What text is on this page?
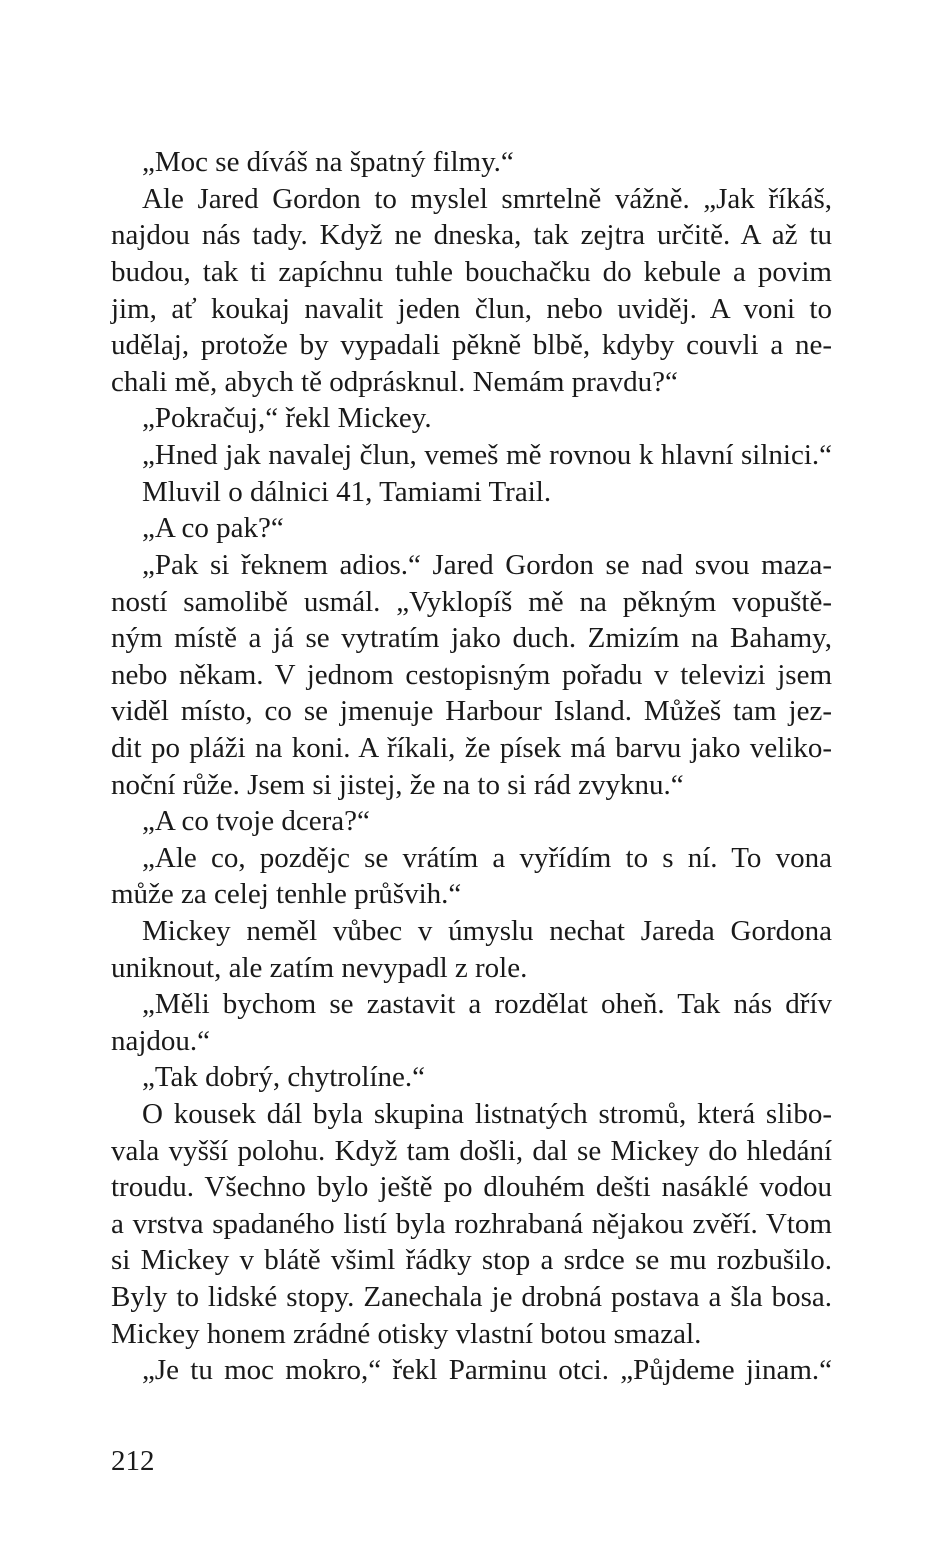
„Moc se díváš na špatný filmy.“
Ale Jared Gordon to myslel smrtelně vážně. „Jak říkáš,
najdou nás tady. Když ne dneska, tak zejtra určitě. A až tu
budou, tak ti zapíchnu tuhle bouchačku do kebule a povim
jim, ať koukaj navalit jeden člun, nebo uviděj. A voni to
udělaj, protože by vypadali pěkně blbě, kdyby couvli a ne-
chali mě, abych tě odprásknul. Nemám pravdu?“
„Pokračuj,“ řekl Mickey.
„Hned jak navalej člun, vemeš mě rovnou k hlavní silnici.“
Mluvil o dálnici 41, Tamiami Trail.
„A co pak?“
„Pak si řeknem adios.“ Jared Gordon se nad svou maza-
ností samolibě usmál. „Vyklopíš mě na pěkným vopuště-
ným místě a já se vytratím jako duch. Zmizím na Bahamy,
nebo někam. V jednom cestopisným pořadu v televizi jsem
viděl místo, co se jmenuje Harbour Island. Můžeš tam jez-
dit po pláži na koni. A říkali, že písek má barvu jako veliko-
noční růže. Jsem si jistej, že na to si rád zvyknu.“
„A co tvoje dcera?“
„Ale co, pozdějc se vrátím a vyřídím to s ní. To vona
může za celej tenhle průšvih.“
Mickey neměl vůbec v úmyslu nechat Jareda Gordona
uniknout, ale zatím nevypadl z role.
„Měli bychom se zastavit a rozdělat oheň. Tak nás dřív
najdou.“
„Tak dobrý, chytrolíne.“
O kousek dál byla skupina listnatých stromů, která slibo-
vala vyšší polohu. Když tam došli, dal se Mickey do hledání
troudu. Všechno bylo ještě po dlouhém dešti nasáklé vodou
a vrstva spadaného listí byla rozhrabaná nějakou zvěří. Vtom
si Mickey v blátě všiml řádky stop a srdce se mu rozbušilo.
Byly to lidské stopy. Zanechala je drobná postava a šla bosa.
Mickey honem zrádné otisky vlastní botou smazal.
„Je tu moc mokro,“ řekl Parminu otci. „Půjdeme jinam.“
212
